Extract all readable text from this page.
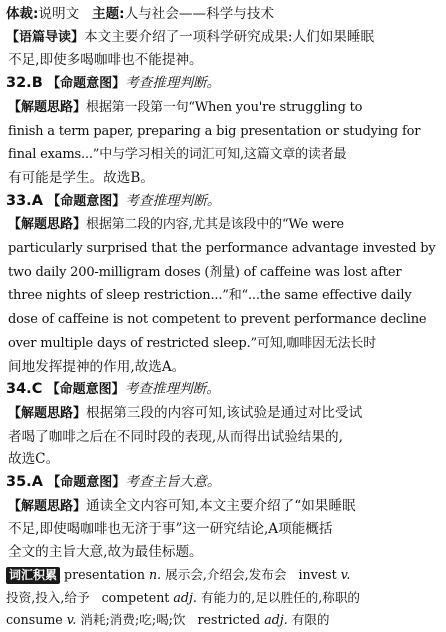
体裁:说明文 主题:人与社会——科学与技术
【语篇导读】本文主要介绍了一项科学研究成果:人们如果睡眠
不足,即使多喝咖啡也不能提神。
32.B 【命题意图】考查推理判断。
【解题思路】根据第一段第一句“When you're struggling to
finish a term paper, preparing a big presentation or studying for
final exams...”中与学习相关的词汇可知,这篇文章的读者最
有可能是学生。故选B。
33.A 【命题意图】考查推理判断。
【解题思路】根据第二段的内容,尤其是该段中的“We were
particularly surprised that the performance advantage invested by
two daily 200-milligram doses (剂量) of caffeine was lost after
three nights of sleep restriction...”和“...the same effective daily
dose of caffeine is not competent to prevent performance decline
over multiple days of restricted sleep.”可知,咖啡因无法长时
间地发挥提神的作用,故选A。
34.C 【命题意图】考查推理判断。
【解题思路】根据第三段的内容可知,该试验是通过对比受试
者喝了咖啡之后在不同时段的表现,从而得出试验结果的,
故选C。
35.A 【命题意图】考查主旨大意。
【解题思路】通读全文内容可知,本文主要介绍了“如果睡眠
不足,即使喝咖啡也无济于事”这一研究结论,A项能概括
全文的主旨大意,故为最佳标题。
词汇积累 presentation n. 展示会,介绍会,发布会 invest v.
投资,投入,给予 competent adj. 有能力的,足以胜任的,称职的
consume v. 消耗;消费;吃;喝;饮 restricted adj. 有限的
